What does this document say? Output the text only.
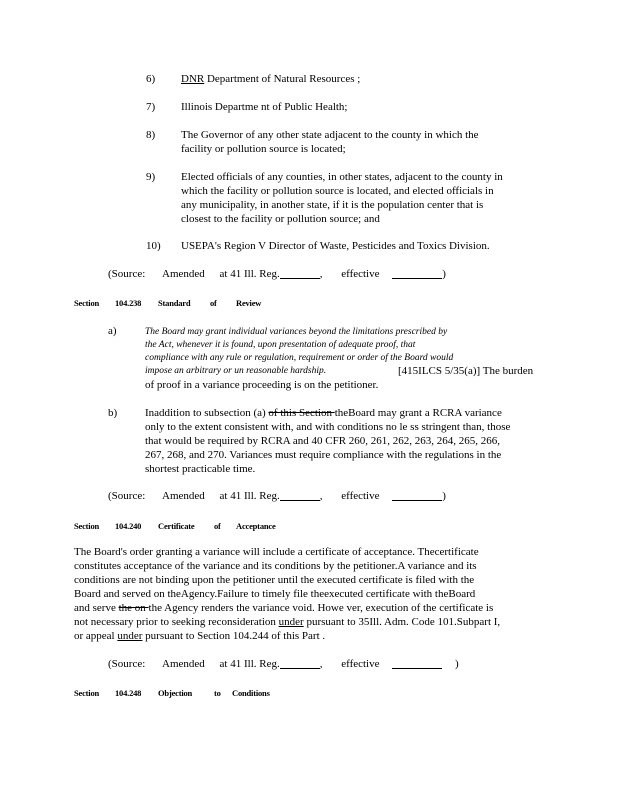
6) DNR Department of Natural Resources ;
7) Illinois Departme nt of Public Health;
8) The Governor of any other state adjacent to the county in which the
facility or pollution source is located;
9) Elected officials of any counties, in other states, adjacent to the county in
which the facility or pollution source is located, and elected officials in
any municipality, in another state, if it is the population center that is
closest to the facility or pollution source; and
10) USEPA's Region V Director of Waste, Pesticides and Toxics Division.
(Source: Amended at 41 Ill. Reg.	, effective	)
Section 104.238 Standard of Review
a)	The Board may grant individual variances beyond the limitations prescribed by
the Act, whenever it is found, upon presentation of adequate proof, that
compliance with any rule or regulation, requirement or order of the Board would
impose an arbitrary or un reasonable hardship.	[415ILCS 5/35(a)] The burden
of proof in a variance proceeding is on the petitioner.
b)	Inaddition to subsection (a) of this Section theBoard may grant a RCRA variance
only to the extent consistent with, and with conditions no le ss stringent than, those
that would be required by RCRA and 40 CFR 260, 261, 262, 263, 264, 265, 266,
267, 268, and 270. Variances must require compliance with the regulations in the
shortest practicable time.
(Source: Amended at 41 Ill. Reg.	, effective	)
Section 104.240 Certificate of Acceptance
The Board's order granting a variance will include a certificate of acceptance. Thecertificate
constitutes acceptance of the variance and its conditions by the petitioner.A variance and its
conditions are not binding upon the petitioner until the executed certificate is filed with the
Board and served on theAgency.Failure to timely file theexecuted certificate with theBoard
and serve the on the Agency renders the variance void. Howe ver, execution of the certificate is
not necessary prior to seeking reconsideration under pursuant to 35Ill. Adm. Code 101.Subpart I,
or appeal under pursuant to Section 104.244 of this Part .
(Source: Amended at 41 Ill. Reg.	, effective	)
Section 104.248 Objection	to Conditions
